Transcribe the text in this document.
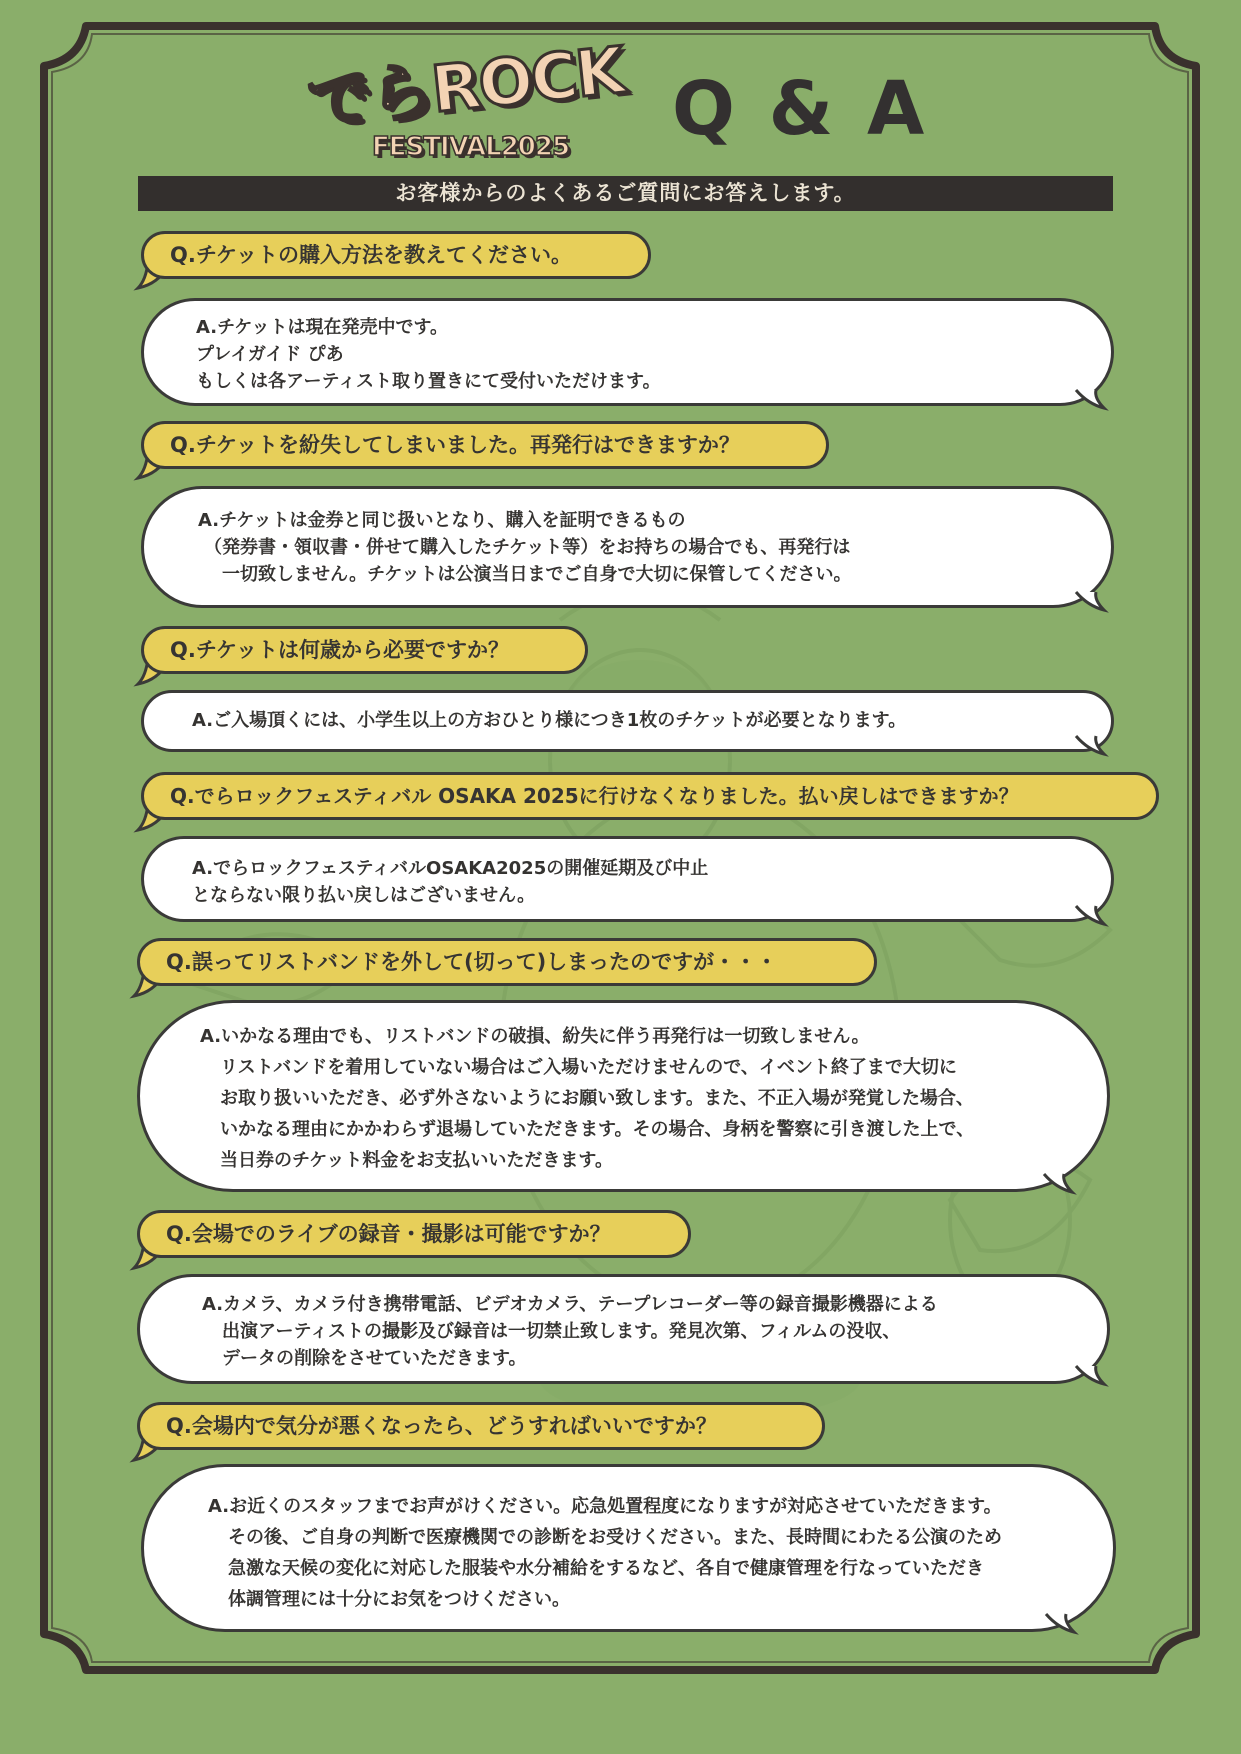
でらROCK
FESTIVAL2025 Q & A
お客様からのよくあるご質問にお答えします。
Q.チケットの購入方法を教えてください。
A.チケットは現在発売中です。
プレイガイド ぴあ
もしくは各アーティスト取り置きにて受付いただけます。
Q.チケットを紛失してしまいました。再発行はできますか？
A.チケットは金券と同じ扱いとなり、購入を証明できるもの
（発券書・領収書・併せて購入したチケット等）をお持ちの場合でも、再発行は
一切致しません。チケットは公演当日までご自身で大切に保管してください。
Q.チケットは何歳から必要ですか？
A.ご入場頂くには、小学生以上の方おひとり様につき1枚のチケットが必要となります。
Q.でらロックフェスティバル OSAKA 2025に行けなくなりました。払い戻しはできますか？
A.でらロックフェスティバルOSAKA2025の開催延期及び中止
とならない限り払い戻しはございません。
Q.誤ってリストバンドを外して(切って)しまったのですが・・・
A.いかなる理由でも、リストバンドの破損、紛失に伴う再発行は一切致しません。
リストバンドを着用していない場合はご入場いただけませんので、イベント終了まで大切に
お取り扱いいただき、必ず外さないようにお願い致します。また、不正入場が発覚した場合、
いかなる理由にかかわらず退場していただきます。その場合、身柄を警察に引き渡した上で、
当日券のチケット料金をお支払いいただきます。
Q.会場でのライブの録音・撮影は可能ですか？
A.カメラ、カメラ付き携帯電話、ビデオカメラ、テープレコーダー等の録音撮影機器による
出演アーティストの撮影及び録音は一切禁止致します。発見次第、フィルムの没収、
データの削除をさせていただきます。
Q.会場内で気分が悪くなったら、どうすればいいですか？
A.お近くのスタッフまでお声がけください。応急処置程度になりますが対応させていただきます。
その後、ご自身の判断で医療機関での診断をお受けください。また、長時間にわたる公演のため
急激な天候の変化に対応した服装や水分補給をするなど、各自で健康管理を行なっていただき
体調管理には十分にお気をつけください。
